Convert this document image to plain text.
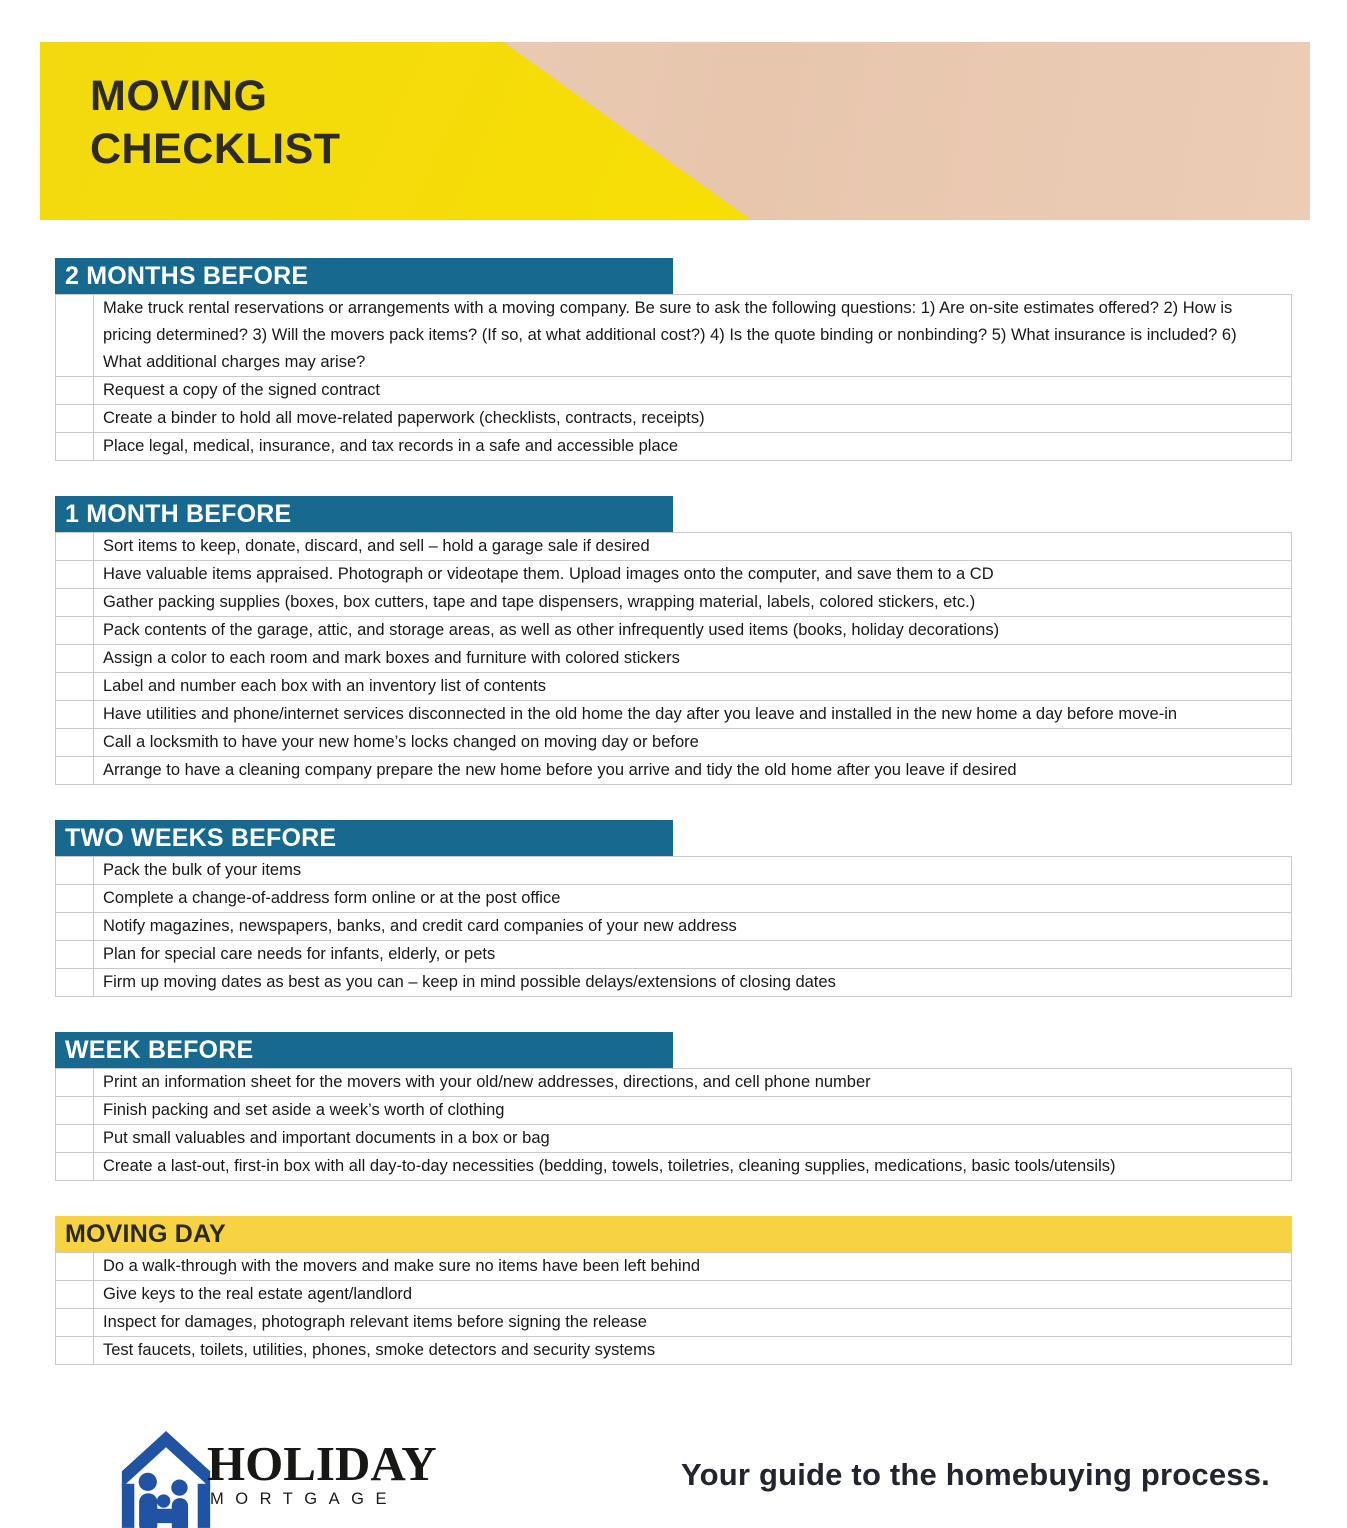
MOVING
CHECKLIST
2 MONTHS BEFORE
Make truck rental reservations or arrangements with a moving company. Be sure to ask the following questions: 1) Are on-site estimates offered? 2) How is pricing determined? 3) Will the movers pack items? (If so, at what additional cost?) 4) Is the quote binding or nonbinding? 5) What insurance is included? 6) What additional charges may arise?
Request a copy of the signed contract
Create a binder to hold all move-related paperwork (checklists, contracts, receipts)
Place legal, medical, insurance, and tax records in a safe and accessible place
1 MONTH BEFORE
Sort items to keep, donate, discard, and sell – hold a garage sale if desired
Have valuable items appraised. Photograph or videotape them. Upload images onto the computer, and save them to a CD
Gather packing supplies (boxes, box cutters, tape and tape dispensers, wrapping material, labels, colored stickers, etc.)
Pack contents of the garage, attic, and storage areas, as well as other infrequently used items (books, holiday decorations)
Assign a color to each room and mark boxes and furniture with colored stickers
Label and number each box with an inventory list of contents
Have utilities and phone/internet services disconnected in the old home the day after you leave and installed in the new home a day before move-in
Call a locksmith to have your new home’s locks changed on moving day or before
Arrange to have a cleaning company prepare the new home before you arrive and tidy the old home after you leave if desired
TWO WEEKS BEFORE
Pack the bulk of your items
Complete a change-of-address form online or at the post office
Notify magazines, newspapers, banks, and credit card companies of your new address
Plan for special care needs for infants, elderly, or pets
Firm up moving dates as best as you can – keep in mind possible delays/extensions of closing dates
WEEK BEFORE
Print an information sheet for the movers with your old/new addresses, directions, and cell phone number
Finish packing and set aside a week’s worth of clothing
Put small valuables and important documents in a box or bag
Create a last-out, first-in box with all day-to-day necessities (bedding, towels, toiletries, cleaning supplies, medications, basic tools/utensils)
MOVING DAY
Do a walk-through with the movers and make sure no items have been left behind
Give keys to the real estate agent/landlord
Inspect for damages, photograph relevant items before signing the release
Test faucets, toilets, utilities, phones, smoke detectors and security systems
HOLIDAY
MORTGAGE
Your guide to the homebuying process.
